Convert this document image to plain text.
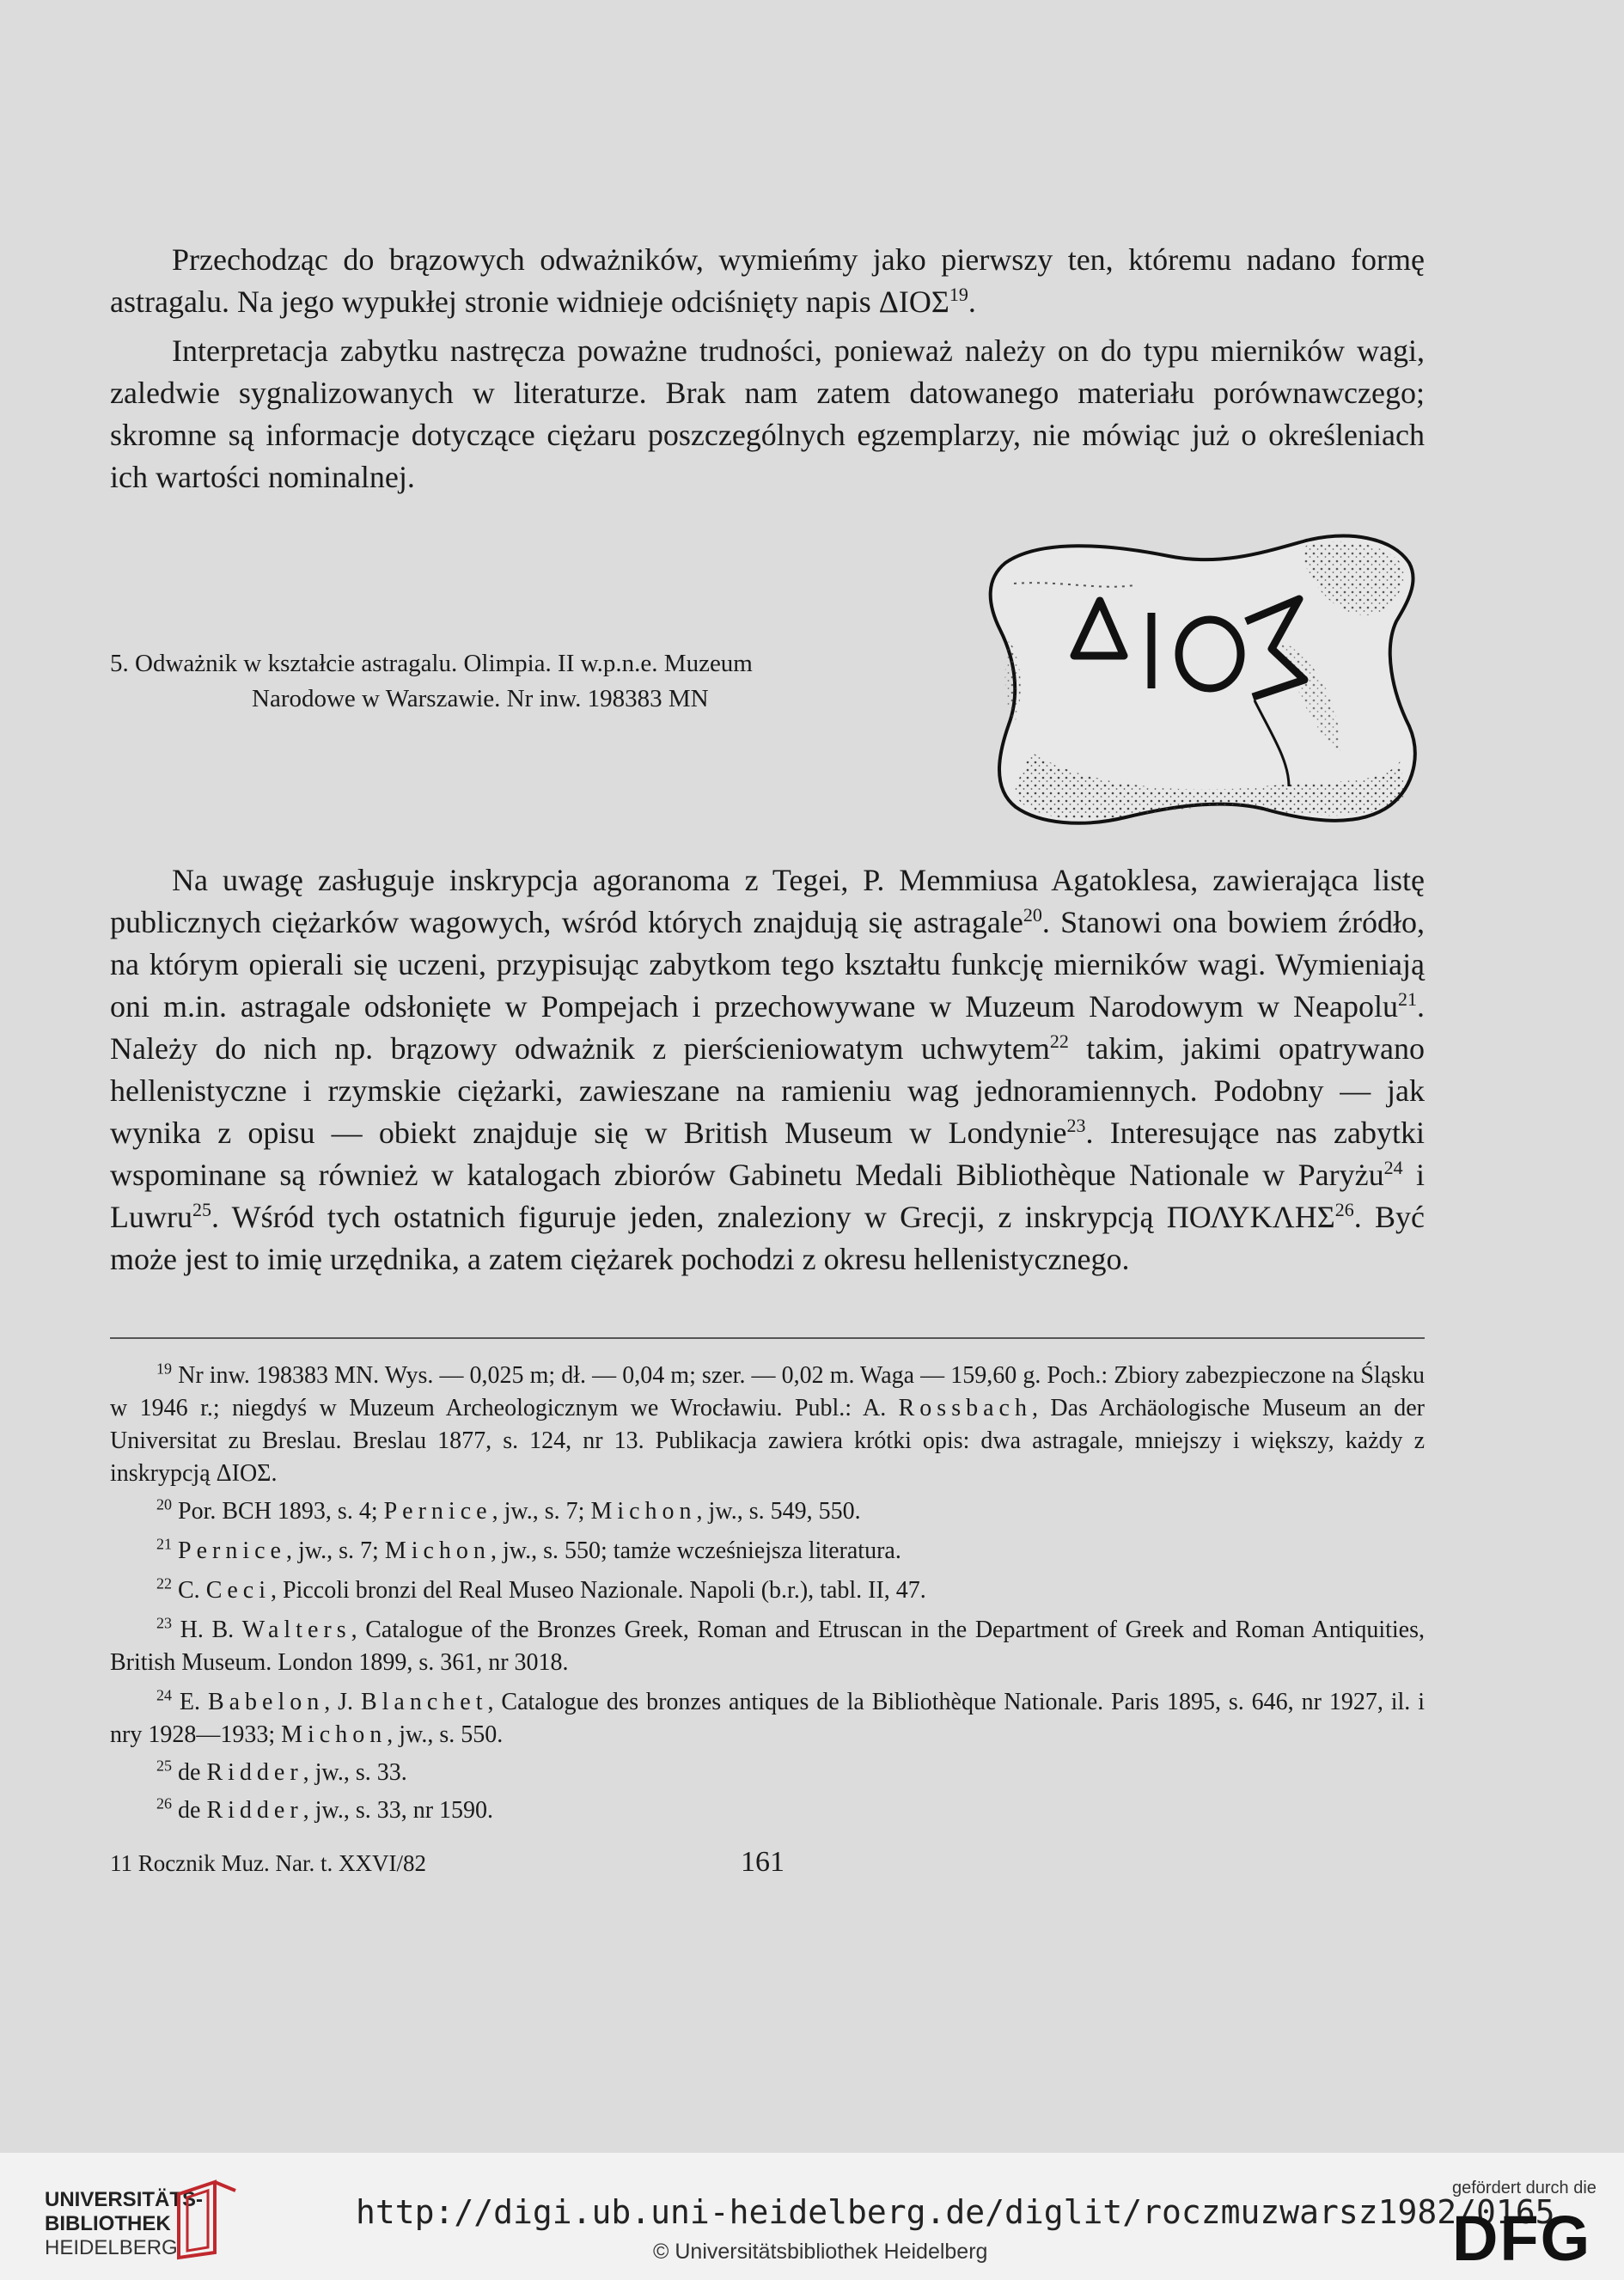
Przechodząc do brązowych odważników, wymieńmy jako pierwszy ten, któremu nadano formę astragalu. Na jego wypukłej stronie widnieje odciśnięty napis ΔΙΟΣ$^{19}$.

Interpretacja zabytku nastręcza poważne trudności, ponieważ należy on do typu mierników wagi, zaledwie sygnalizowanych w literaturze. Brak nam zatem datowanego materiału porównawczego; skromne są informacje dotyczące ciężaru poszczególnych egzemplarzy, nie mówiąc już o określeniach ich wartości nominalnej.

5. Odważnik w kształcie astragalu. Olimpia. II w.p.n.e. Muzeum
Narodowe w Warszawie. Nr inw. 198383 MN

Na uwagę zasługuje inskrypcja agoranoma z Tegei, P. Memmiusa Agatoklesa, zawierająca listę publicznych ciężarków wagowych, wśród których znajdują się astragale$^{20}$. Stanowi ona bowiem źródło, na którym opierali się uczeni, przypisując zabytkom tego kształtu funkcję mierników wagi. Wymieniają oni m.in. astragale odsłonięte w Pompejach i przechowywane w Muzeum Narodowym w Neapolu$^{21}$. Należy do nich np. brązowy odważnik z pierścieniowatym uchwytem$^{22}$ takim, jakimi opatrywano hellenistyczne i rzymskie ciężarki, zawieszane na ramieniu wag jednoramiennych. Podobny — jak wynika z opisu — obiekt znajduje się w British Museum w Londynie$^{23}$. Interesujące nas zabytki wspominane są również w katalogach zbiorów Gabinetu Medali Bibliothèque Nationale w Paryżu$^{24}$ i Luwru$^{25}$. Wśród tych ostatnich figuruje jeden, znaleziony w Grecji, z inskrypcją ΠΟΛΥΚΛΗΣ$^{26}$. Być może jest to imię urzędnika, a zatem ciężarek pochodzi z okresu hellenistycznego.

$^{19}$ Nr inw. 198383 MN. Wys. — 0,025 m; dł. — 0,04 m; szer. — 0,02 m. Waga — 159,60 g. Poch.: Zbiory zabezpieczone na Śląsku w 1946 r.; niegdyś w Muzeum Archeologicznym we Wrocławiu. Publ.: A. Rossbach, Das Archäologische Museum an der Universitat zu Breslau. Breslau 1877, s. 124, nr 13. Publikacja zawiera krótki opis: dwa astragale, mniejszy i większy, każdy z inskrypcją ΔΙΟΣ.

$^{20}$ Por. BCH 1893, s. 4; Pernice, jw., s. 7; Michon, jw., s. 549, 550.

$^{21}$ Pernice, jw., s. 7; Michon, jw., s. 550; tamże wcześniejsza literatura.

$^{22}$ C. Ceci, Piccoli bronzi del Real Museo Nazionale. Napoli (b.r.), tabl. II, 47.

$^{23}$ H. B. Walters, Catalogue of the Bronzes Greek, Roman and Etruscan in the Department of Greek and Roman Antiquities, British Museum. London 1899, s. 361, nr 3018.

$^{24}$ E. Babelon, J. Blanchet, Catalogue des bronzes antiques de la Bibliothèque Nationale. Paris 1895, s. 646, nr 1927, il. i nry 1928—1933; Michon, jw., s. 550.

$^{25}$ de Ridder, jw., s. 33.

$^{26}$ de Ridder, jw., s. 33, nr 1590.

11 Rocznik Muz. Nar. t. XXVI/82	161
UNIVERSITÄTS-
BIBLIOTHEK
HEIDELBERG
http://digi.ub.uni-heidelberg.de/diglit/roczmuzwarsz1982/0165
© Universitätsbibliothek Heidelberg
gefördert durch die
DFG
